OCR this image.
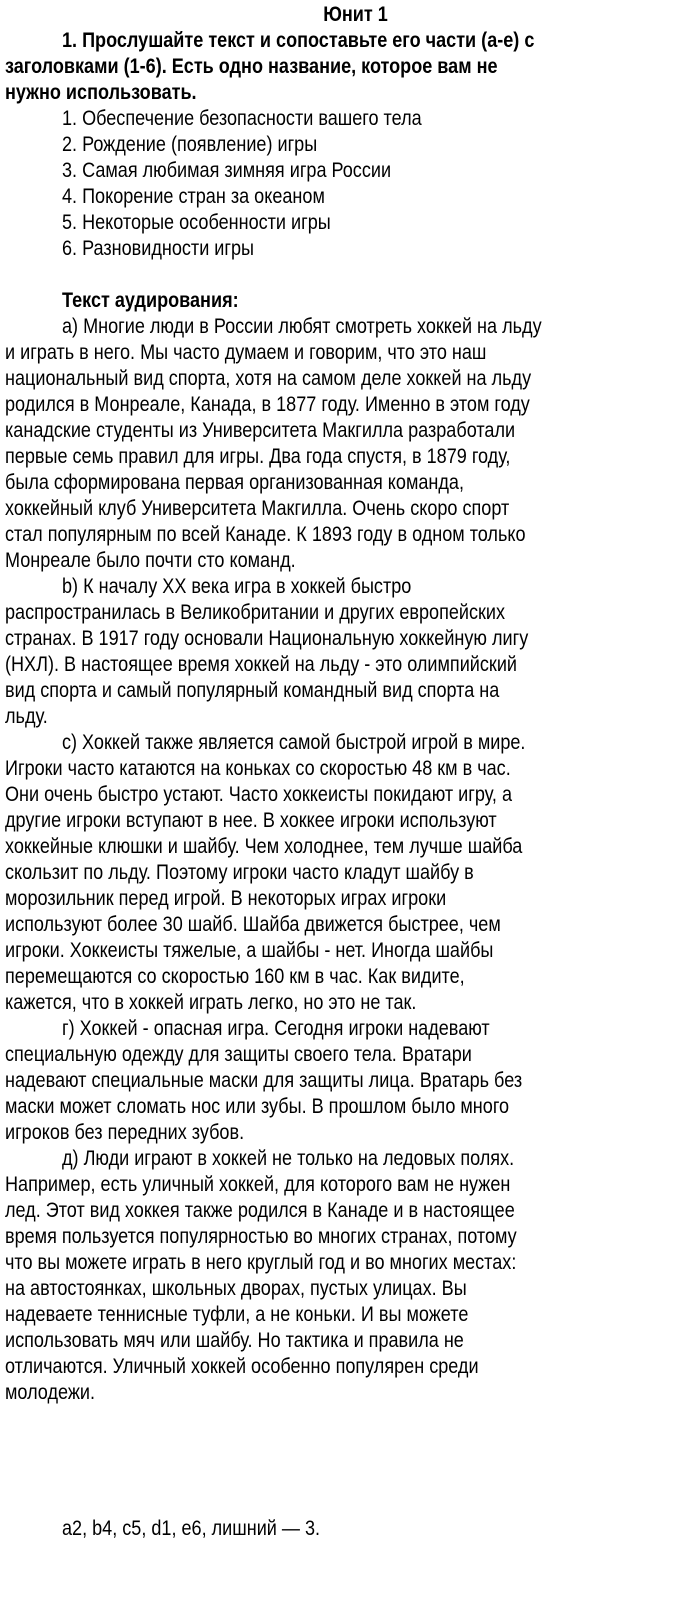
Юнит 1
1. Прослушайте текст и сопоставьте его части (a-e) с
заголовками (1-6). Есть одно название, которое вам не
нужно использовать.
1. Обеспечение безопасности вашего тела
2. Рождение (появление) игры
3. Самая любимая зимняя игра России
4. Покорение стран за океаном
5. Некоторые особенности игры
6. Разновидности игры
Текст аудирования:
а) Многие люди в России любят смотреть хоккей на льду
и играть в него. Мы часто думаем и говорим, что это наш
национальный вид спорта, хотя на самом деле хоккей на льду
родился в Монреале, Канада, в 1877 году. Именно в этом году
канадские студенты из Университета Макгилла разработали
первые семь правил для игры. Два года спустя, в 1879 году,
была сформирована первая организованная команда,
хоккейный клуб Университета Макгилла. Очень скоро спорт
стал популярным по всей Канаде. К 1893 году в одном только
Монреале было почти сто команд.
b) К началу XX века игра в хоккей быстро
распространилась в Великобритании и других европейских
странах. В 1917 году основали Национальную хоккейную лигу
(НХЛ). В настоящее время хоккей на льду - это олимпийский
вид спорта и самый популярный командный вид спорта на
льду.
c) Хоккей также является самой быстрой игрой в мире.
Игроки часто катаются на коньках со скоростью 48 км в час.
Они очень быстро устают. Часто хоккеисты покидают игру, а
другие игроки вступают в нее. В хоккее игроки используют
хоккейные клюшки и шайбу. Чем холоднее, тем лучше шайба
скользит по льду. Поэтому игроки часто кладут шайбу в
морозильник перед игрой. В некоторых играх игроки
используют более 30 шайб. Шайба движется быстрее, чем
игроки. Хоккеисты тяжелые, а шайбы - нет. Иногда шайбы
перемещаются со скоростью 160 км в час. Как видите,
кажется, что в хоккей играть легко, но это не так.
г) Хоккей - опасная игра. Сегодня игроки надевают
специальную одежду для защиты своего тела. Вратари
надевают специальные маски для защиты лица. Вратарь без
маски может сломать нос или зубы. В прошлом было много
игроков без передних зубов.
д) Люди играют в хоккей не только на ледовых полях.
Например, есть уличный хоккей, для которого вам не нужен
лед. Этот вид хоккея также родился в Канаде и в настоящее
время пользуется популярностью во многих странах, потому
что вы можете играть в него круглый год и во многих местах:
на автостоянках, школьных дворах, пустых улицах. Вы
надеваете теннисные туфли, а не коньки. И вы можете
использовать мяч или шайбу. Но тактика и правила не
отличаются. Уличный хоккей особенно популярен среди
молодежи.
a2, b4, c5, d1, e6, лишний — 3.
